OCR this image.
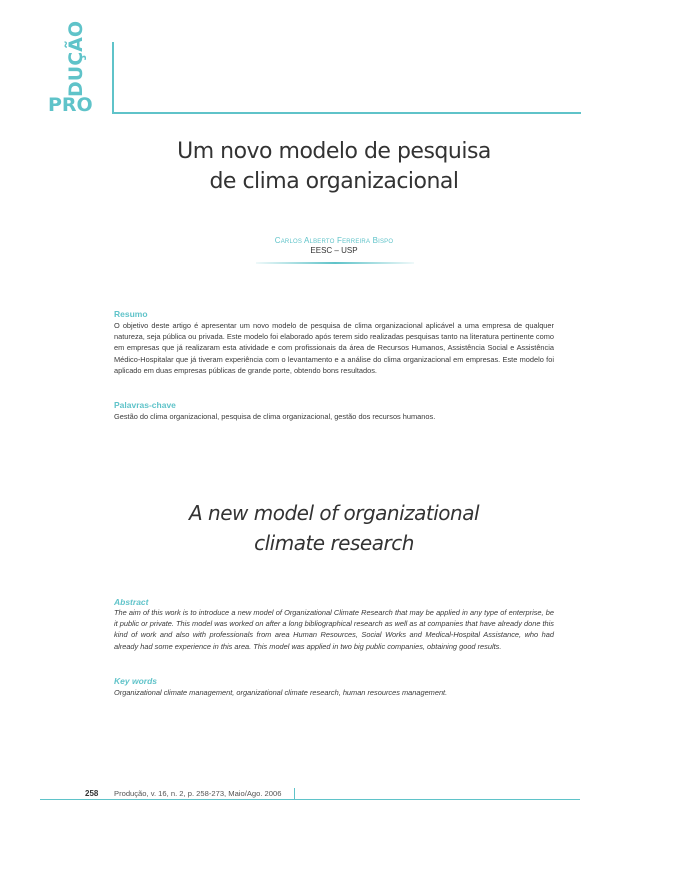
PRO
DUÇÃO
Um novo modelo de pesquisa
de clima organizacional
Carlos Alberto Ferreira Bispo
EESC – USP
Resumo
O objetivo deste artigo é apresentar um novo modelo de pesquisa de clima organizacional aplicável a uma empresa de qualquer natureza, seja pública ou privada. Este modelo foi elaborado após terem sido realizadas pesquisas tanto na literatura pertinente como em empresas que já realizaram esta atividade e com profissionais da área de Recursos Humanos, Assistência Social e Assistência Médico-Hospitalar que já tiveram experiência com o levantamento e a análise do clima organizacional em empresas. Este modelo foi aplicado em duas empresas públicas de grande porte, obtendo bons resultados.
Palavras-chave
Gestão do clima organizacional, pesquisa de clima organizacional, gestão dos recursos humanos.
A new model of organizational
climate research
Abstract
The aim of this work is to introduce a new model of Organizational Climate Research that may be applied in any type of enterprise, be it public or private. This model was worked on after a long bibliographical research as well as at companies that have already done this kind of work and also with professionals from area Human Resources, Social Works and Medical-Hospital Assistance, who had already had some experience in this area. This model was applied in two big public companies, obtaining good results.
Key words
Organizational climate management, organizational climate research, human resources management.
258 Produção, v. 16, n. 2, p. 258-273, Maio/Ago. 2006
